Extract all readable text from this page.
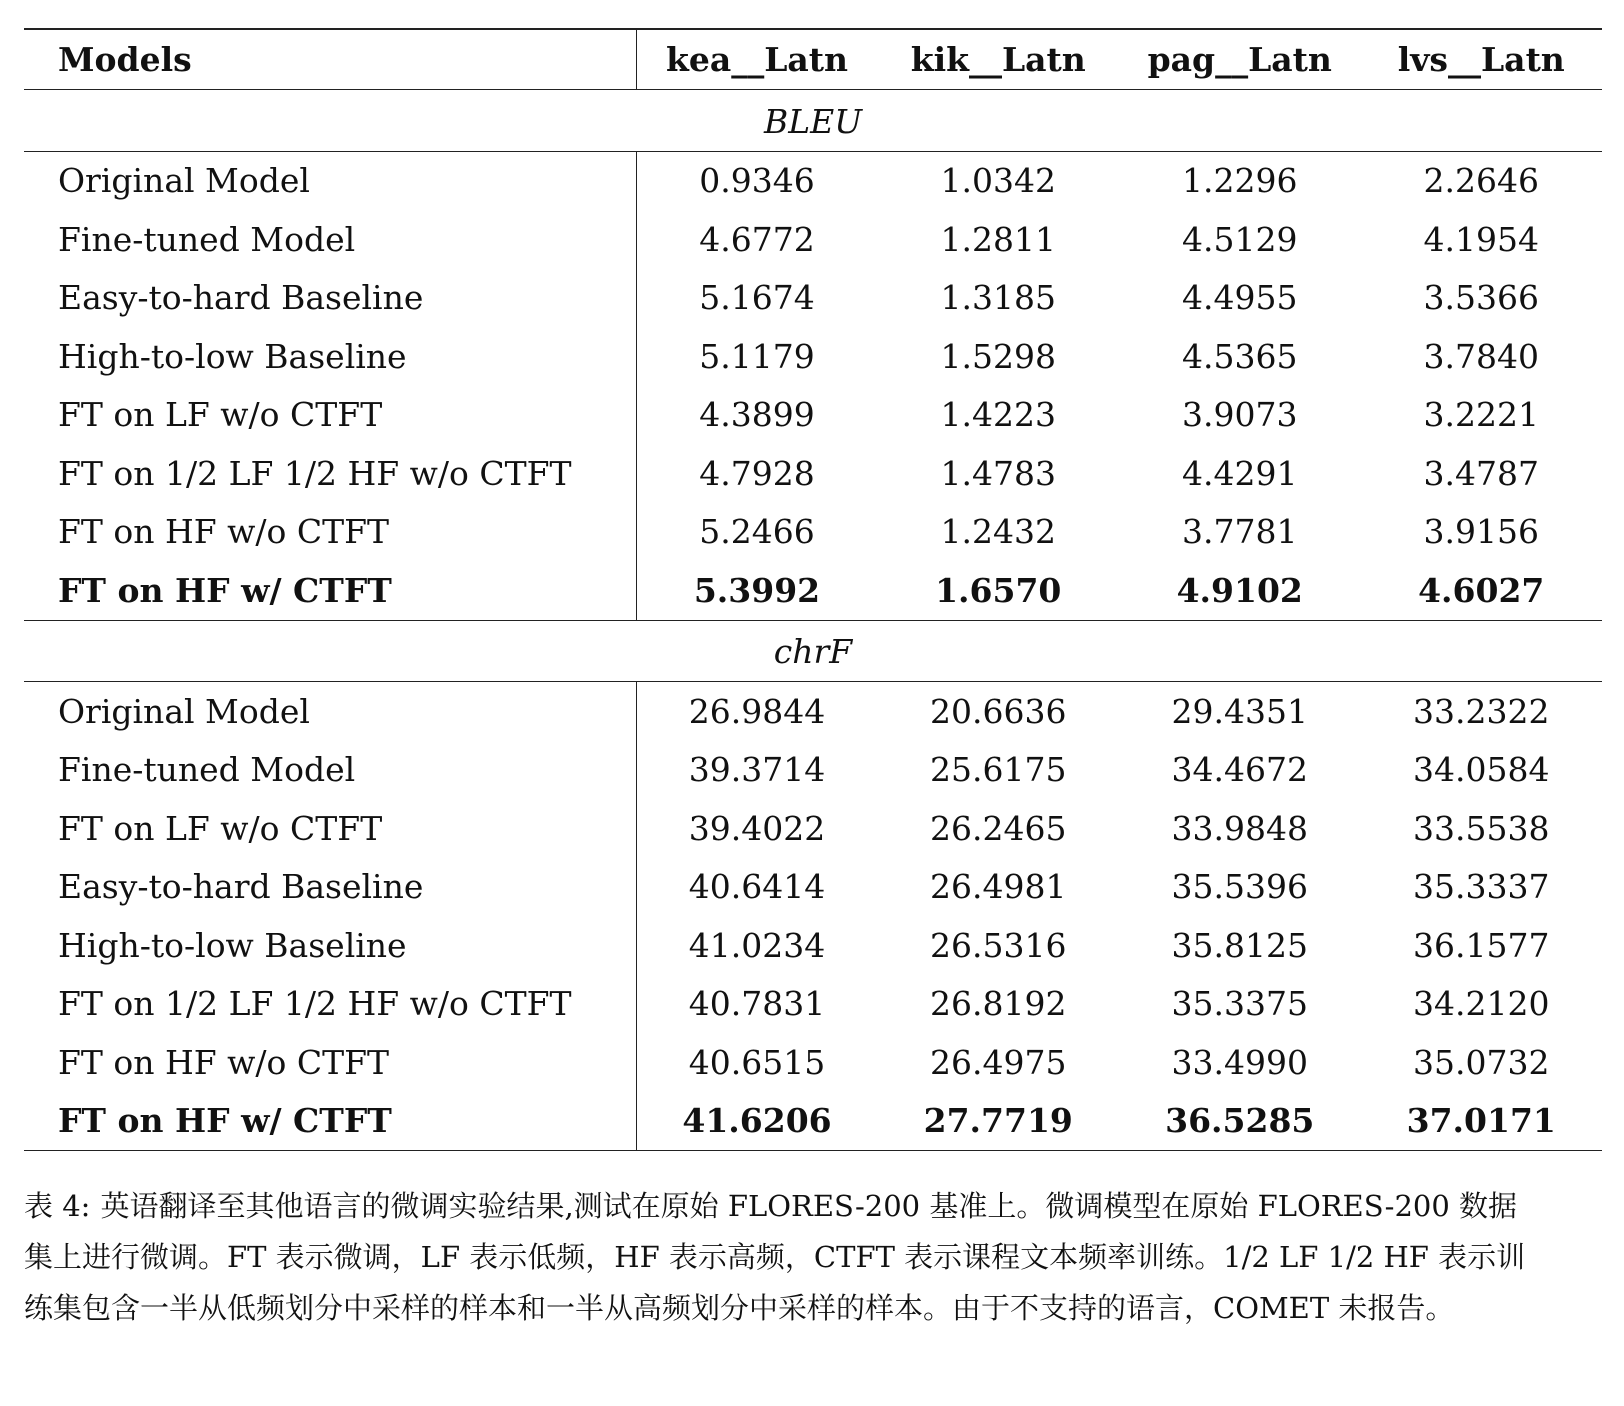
Models	kea__Latn	kik__Latn	pag__Latn	lvs__Latn
BLEU				
Original Model	0.9346	1.0342	1.2296	2.2646
Fine-tuned Model	4.6772	1.2811	4.5129	4.1954
Easy-to-hard Baseline	5.1674	1.3185	4.4955	3.5366
High-to-low Baseline	5.1179	1.5298	4.5365	3.7840
FT on LF w/o CTFT	4.3899	1.4223	3.9073	3.2221
FT on 1/2 LF 1/2 HF w/o CTFT	4.7928	1.4783	4.4291	3.4787
FT on HF w/o CTFT	5.2466	1.2432	3.7781	3.9156
FT on HF w/ CTFT	5.3992	1.6570	4.9102	4.6027
chrF				
Original Model	26.9844	20.6636	29.4351	33.2322
Fine-tuned Model	39.3714	25.6175	34.4672	34.0584
FT on LF w/o CTFT	39.4022	26.2465	33.9848	33.5538
Easy-to-hard Baseline	40.6414	26.4981	35.5396	35.3337
High-to-low Baseline	41.0234	26.5316	35.8125	36.1577
FT on 1/2 LF 1/2 HF w/o CTFT	40.7831	26.8192	35.3375	34.2120
FT on HF w/o CTFT	40.6515	26.4975	33.4990	35.0732
FT on HF w/ CTFT	41.6206	27.7719	36.5285	37.0171
表 4: 英语翻译至其他语言的微调实验结果,测试在原始 FLORES-200 基准上。微调模型在原始 FLORES-200 数据集上进行微调。FT 表示微调，LF 表示低频，HF 表示高频，CTFT 表示课程文本频率训练。1/2 LF 1/2 HF 表示训练集包含一半从低频划分中采样的样本和一半从高频划分中采样的样本。由于不支持的语言，COMET 未报告。
